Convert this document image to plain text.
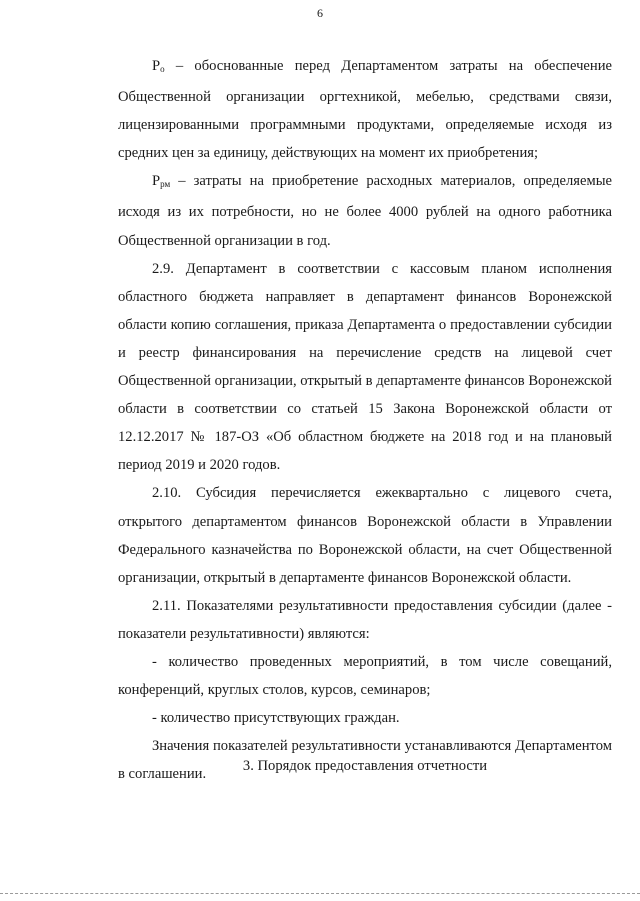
6

$Р_о$ – обоснованные перед Департаментом затраты на обеспечение Общественной организации оргтехникой, мебелью, средствами связи, лицензированными программными продуктами, определяемые исходя из средних цен за единицу, действующих на момент их приобретения;

$Р_{рм}$ – затраты на приобретение расходных материалов, определяемые исходя из их потребности, но не более 4000 рублей на одного работника Общественной организации в год.

2.9. Департамент в соответствии с кассовым планом исполнения областного бюджета направляет в департамент финансов Воронежской области копию соглашения, приказа Департамента о предоставлении субсидии и реестр финансирования на перечисление средств на лицевой счет Общественной организации, открытый в департаменте финансов Воронежской области в соответствии со статьей 15 Закона Воронежской области от 12.12.2017 № 187-ОЗ «Об областном бюджете на 2018 год и на плановый период 2019 и 2020 годов.

2.10. Субсидия перечисляется ежеквартально с лицевого счета, открытого департаментом финансов Воронежской области в Управлении Федерального казначейства по Воронежской области, на счет Общественной организации, открытый в департаменте финансов Воронежской области.

2.11. Показателями результативности предоставления субсидии (далее - показатели результативности) являются:

- количество проведенных мероприятий, в том числе совещаний, конференций, круглых столов, курсов, семинаров;

- количество присутствующих граждан.

Значения показателей результативности устанавливаются Департаментом в соглашении.

3. Порядок предоставления отчетности
